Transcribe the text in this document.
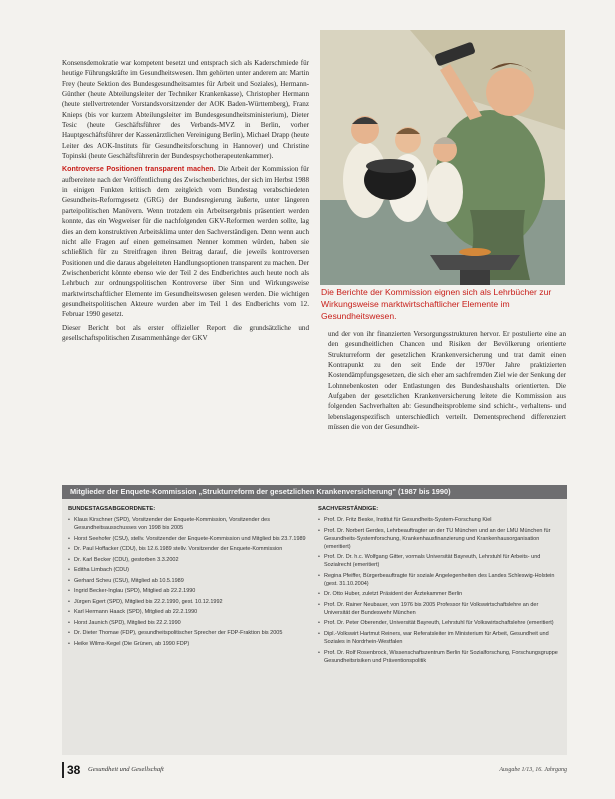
Konsensdemokratie war kompetent besetzt und entsprach sich als Kaderschmiede für heutige Führungskräfte im Gesundheitswesen. Ihm gehörten unter anderem an: Martin Frey (heute Sektion des Bundesgesundheitsamtes für Arbeit und Soziales), Hermann-Günther (heute Abteilungsleiter der Techniker Krankenkasse), Christopher Hermann (heute stellvertretender Vorstandsvorsitzender der AOK Baden-Württemberg), Franz Knieps (bis vor kurzem Abteilungsleiter im Bundesgesundheitsministerium), Dieter Tesic (heute Geschäftsführer des Verbands-MVZ in Berlin, vorher Hauptgeschäftsführer der Kassenärztlichen Vereinigung Berlin), Michael Drapp (heute Leiter des AOK-Instituts für Gesundheitsforschung in Hannover) und Christine Topinski (heute Geschäftsführerin der Bundespsychotherapeutenkammer).

Kontroverse Positionen transparent machen. Die Arbeit der Kommission für aufbereitete nach der Veröffentlichung des Zwischenberichtes, der sich im Herbst 1988 in einigen Funkten kritisch dem zeitgleich vom Bundestag verabschiedeten Gesundheits-Reformgesetz (GRG) der Bundesregierung äußerte, unter längeren parteipolitischen Manövern. Wenn trotzdem ein Arbeitsergebnis präsentiert werden konnte, das ein Wegweiser für die nachfolgenden GKV-Reformen werden sollte, lag dies an dem konstruktiven Arbeitsklima unter den Sachverständigen. Denn wenn auch nicht alle Fragen auf einen gemeinsamen Nenner kommen würden, haben sie schließlich für zu Streitfragen ihren Beitrag darauf, die jeweils kontroversen Positionen und die daraus abgeleiteten Handlungsoptionen transparent zu machen. Der Zwischenbericht könnte ebenso wie der Teil 2 des Endberichtes auch heute noch als Lehrbuch zur ordnungspolitischen Kontroverse über Sinn und Wirkungsweise marktwirtschaftlicher Elemente im Gesundheitswesen gelesen werden. Die wichtigen gesundheitspolitischen Akteure wurden aber im Teil 1 des Endberichts vom 12. Februar 1990 gesetzt.

Dieser Bericht bot als erster offizieller Report die grundsätzliche und gesellschaftspolitischen Zusammenhänge der GKV

Die Berichte der Kommission eignen sich als Lehrbücher zur Wirkungsweise marktwirtschaftlicher Elemente im Gesundheitswesen.

und der von ihr finanzierten Versorgungsstrukturen hervor. Er postulierte eine an den gesundheitlichen Chancen und Risiken der Bevölkerung orientierte Strukturreform der gesetzlichen Krankenversicherung und trat damit einen Kontrapunkt zu den seit Ende der 1970er Jahre praktizierten Kostendämpfungsgesetzen, die sich eher am sachfremden Ziel wie der Senkung der Lohnnebenkosten oder Entlastungen des Bundeshaushalts orientierten. Die Aufgaben der gesetzlichen Krankenversicherung leitete die Kommission aus folgenden Sachverhalten ab: Gesundheitsprobleme sind schicht-, verhaltens- und lebenslagenspezifisch unterschiedlich verteilt. Dementsprechend differenziert müssen die von der Gesundheit-

Mitglieder der Enquete-Kommission „Strukturreform der gesetzlichen Krankenversicherung" (1987 bis 1990)
BUNDESTAGSABGEORDNETE:
• Klaus Kirschner (SPD), Vorsitzender der Enquete-Kommission, Vorsitzender des Gesundheitsausschusses von 1998 bis 2005
• Horst Seehofer (CSU), stellv. Vorsitzender der Enquete-Kommission und Mitglied bis 23.7.1989
• Dr. Paul Hoffacker (CDU), bis 12.6.1989 stellv. Vorsitzender der Enquete-Kommission
• Dr. Karl Becker (CDU), gestorben 3.3.2002
• Editha Limbach (CDU)
• Gerhard Scheu (CSU), Mitglied ab 10.5.1989
• Ingrid Becker-Inglau (SPD), Mitglied ab 22.2.1990
• Jürgen Egert (SPD), Mitglied bis 22.2.1990, gest. 10.12.1992
• Karl Hermann Haack (SPD), Mitglied ab 22.2.1990
• Horst Jaunich (SPD), Mitglied bis 22.2.1990
• Dr. Dieter Thomae (FDP), gesundheitspolitischer Sprecher der FDP-Fraktion bis 2005
• Heike Wilms-Kegel (Die Grünen, ab 1990 FDP)
SACHVERSTÄNDIGE:
• Prof. Dr. Fritz Beske, Institut für Gesundheits-System-Forschung Kiel
• Prof. Dr. Norbert Gerdes, Lehrbeauftragter an der TU München und an der LMU München für Gesundheits-Systemforschung, Krankenhausfinanzierung und Krankenhausorganisation (emeritiert)
• Prof. Dr. Dr. h.c. Wolfgang Gitter, vormals Universität Bayreuth, Lehrstuhl für Arbeits- und Sozialrecht (emeritiert)
• Regina Pfeiffer, Bürgerbeauftragte für soziale Angelegenheiten des Landes Schleswig-Holstein (gest. 31.10.2004)
• Dr. Otto Huber, zuletzt Präsident der Ärztekammer Berlin
• Prof. Dr. Rainer Neubauer, von 1976 bis 2005 Professor für Volkswirtschaftslehre an der Universität der Bundeswehr München
• Prof. Dr. Peter Oberender, Universität Bayreuth, Lehrstuhl für Volkswirtschaftslehre (emeritiert)
• Dipl.-Volkswirt Hartmut Reiners, war Referatsleiter im Ministerium für Arbeit, Gesundheit und Soziales in Nordrhein-Westfalen
• Prof. Dr. Rolf Rosenbrock, Wissenschaftszentrum Berlin für Sozialforschung, Forschungsgruppe Gesundheitsrisiken und Präventionspolitik
38 Gesundheit und Gesellschaft	Ausgabe 1/13, 16. Jahrgang
